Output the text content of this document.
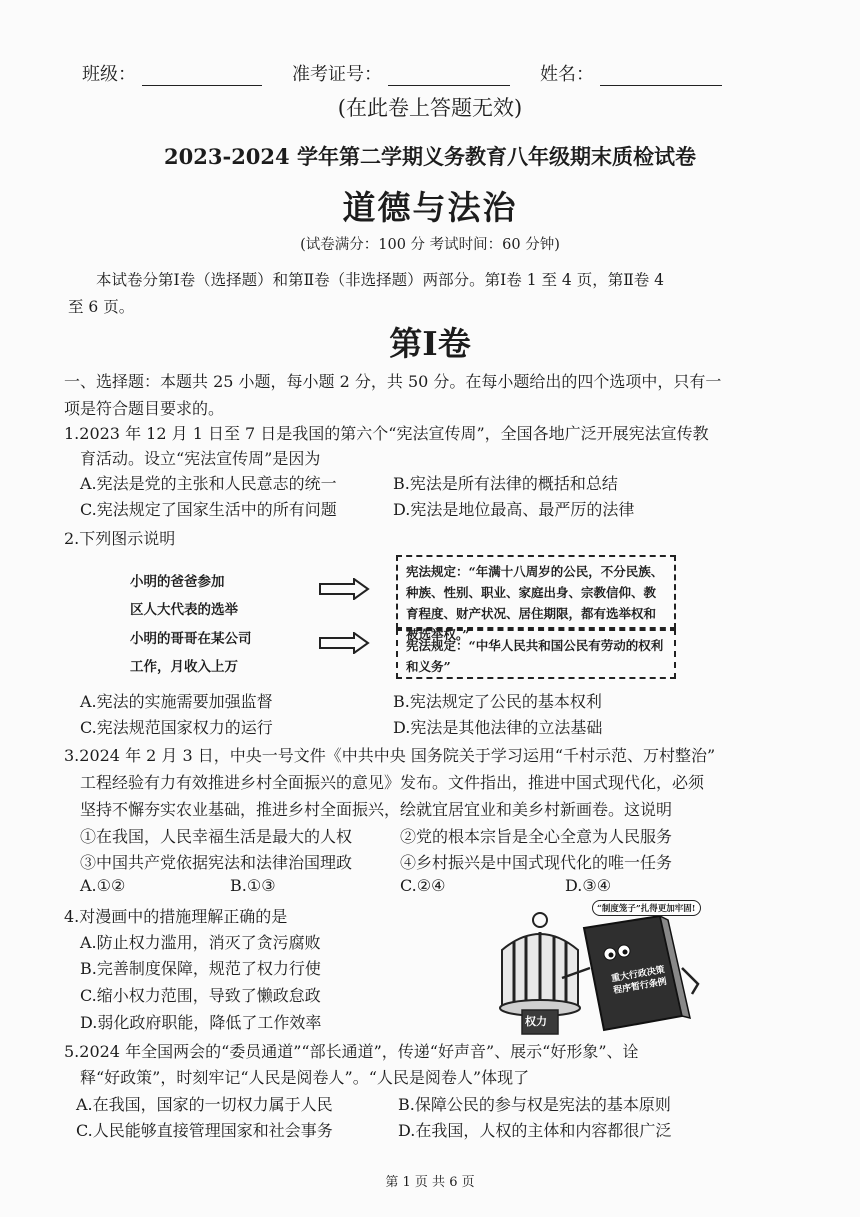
班级：	准考证号：	姓名：
(在此卷上答题无效)
2023-2024 学年第二学期义务教育八年级期末质检试卷
道德与法治
(试卷满分：100 分 考试时间：60 分钟)
本试卷分第Ⅰ卷（选择题）和第Ⅱ卷（非选择题）两部分。第Ⅰ卷 1 至 4 页，第Ⅱ卷 4
至 6 页。
第Ⅰ卷
一、选择题：本题共 25 小题，每小题 2 分，共 50 分。在每小题给出的四个选项中，只有一
项是符合题目要求的。
1.2023 年 12 月 1 日至 7 日是我国的第六个“宪法宣传周”，全国各地广泛开展宪法宣传教
育活动。设立“宪法宣传周”是因为
A.宪法是党的主张和人民意志的统一	B.宪法是所有法律的概括和总结
C.宪法规定了国家生活中的所有问题	D.宪法是地位最高、最严厉的法律
2.下列图示说明
小明的爸爸参加
区人大代表的选举
宪法规定：“年满十八周岁的公民，不分民族、种族、性别、职业、家庭出身、宗教信仰、教育程度、财产状况、居住期限，都有选举权和被选举权。”
小明的哥哥在某公司
工作，月收入上万
宪法规定：“中华人民共和国公民有劳动的权利和义务”
A.宪法的实施需要加强监督	B.宪法规定了公民的基本权利
C.宪法规范国家权力的运行	D.宪法是其他法律的立法基础
3.2024 年 2 月 3 日，中央一号文件《中共中央 国务院关于学习运用“千村示范、万村整治”
工程经验有力有效推进乡村全面振兴的意见》发布。文件指出，推进中国式现代化，必须
坚持不懈夯实农业基础，推进乡村全面振兴，绘就宜居宜业和美乡村新画卷。这说明
①在我国，人民幸福生活是最大的人权	②党的根本宗旨是全心全意为人民服务
③中国共产党依据宪法和法律治国理政	④乡村振兴是中国式现代化的唯一任务
A.①②	B.①③	C.②④	D.③④
4.对漫画中的措施理解正确的是
A.防止权力滥用，消灭了贪污腐败
B.完善制度保障，规范了权力行使
C.缩小权力范围，导致了懒政怠政
D.弱化政府职能，降低了工作效率
“制度笼子”扎得更加牢固!
重大行政决策程序暂行条例
权力
5.2024 年全国两会的“委员通道”“部长通道”，传递“好声音”、展示“好形象”、诠
释“好政策”，时刻牢记“人民是阅卷人”。“人民是阅卷人”体现了
A.在我国，国家的一切权力属于人民	B.保障公民的参与权是宪法的基本原则
C.人民能够直接管理国家和社会事务	D.在我国，人权的主体和内容都很广泛
第 1 页 共 6 页
